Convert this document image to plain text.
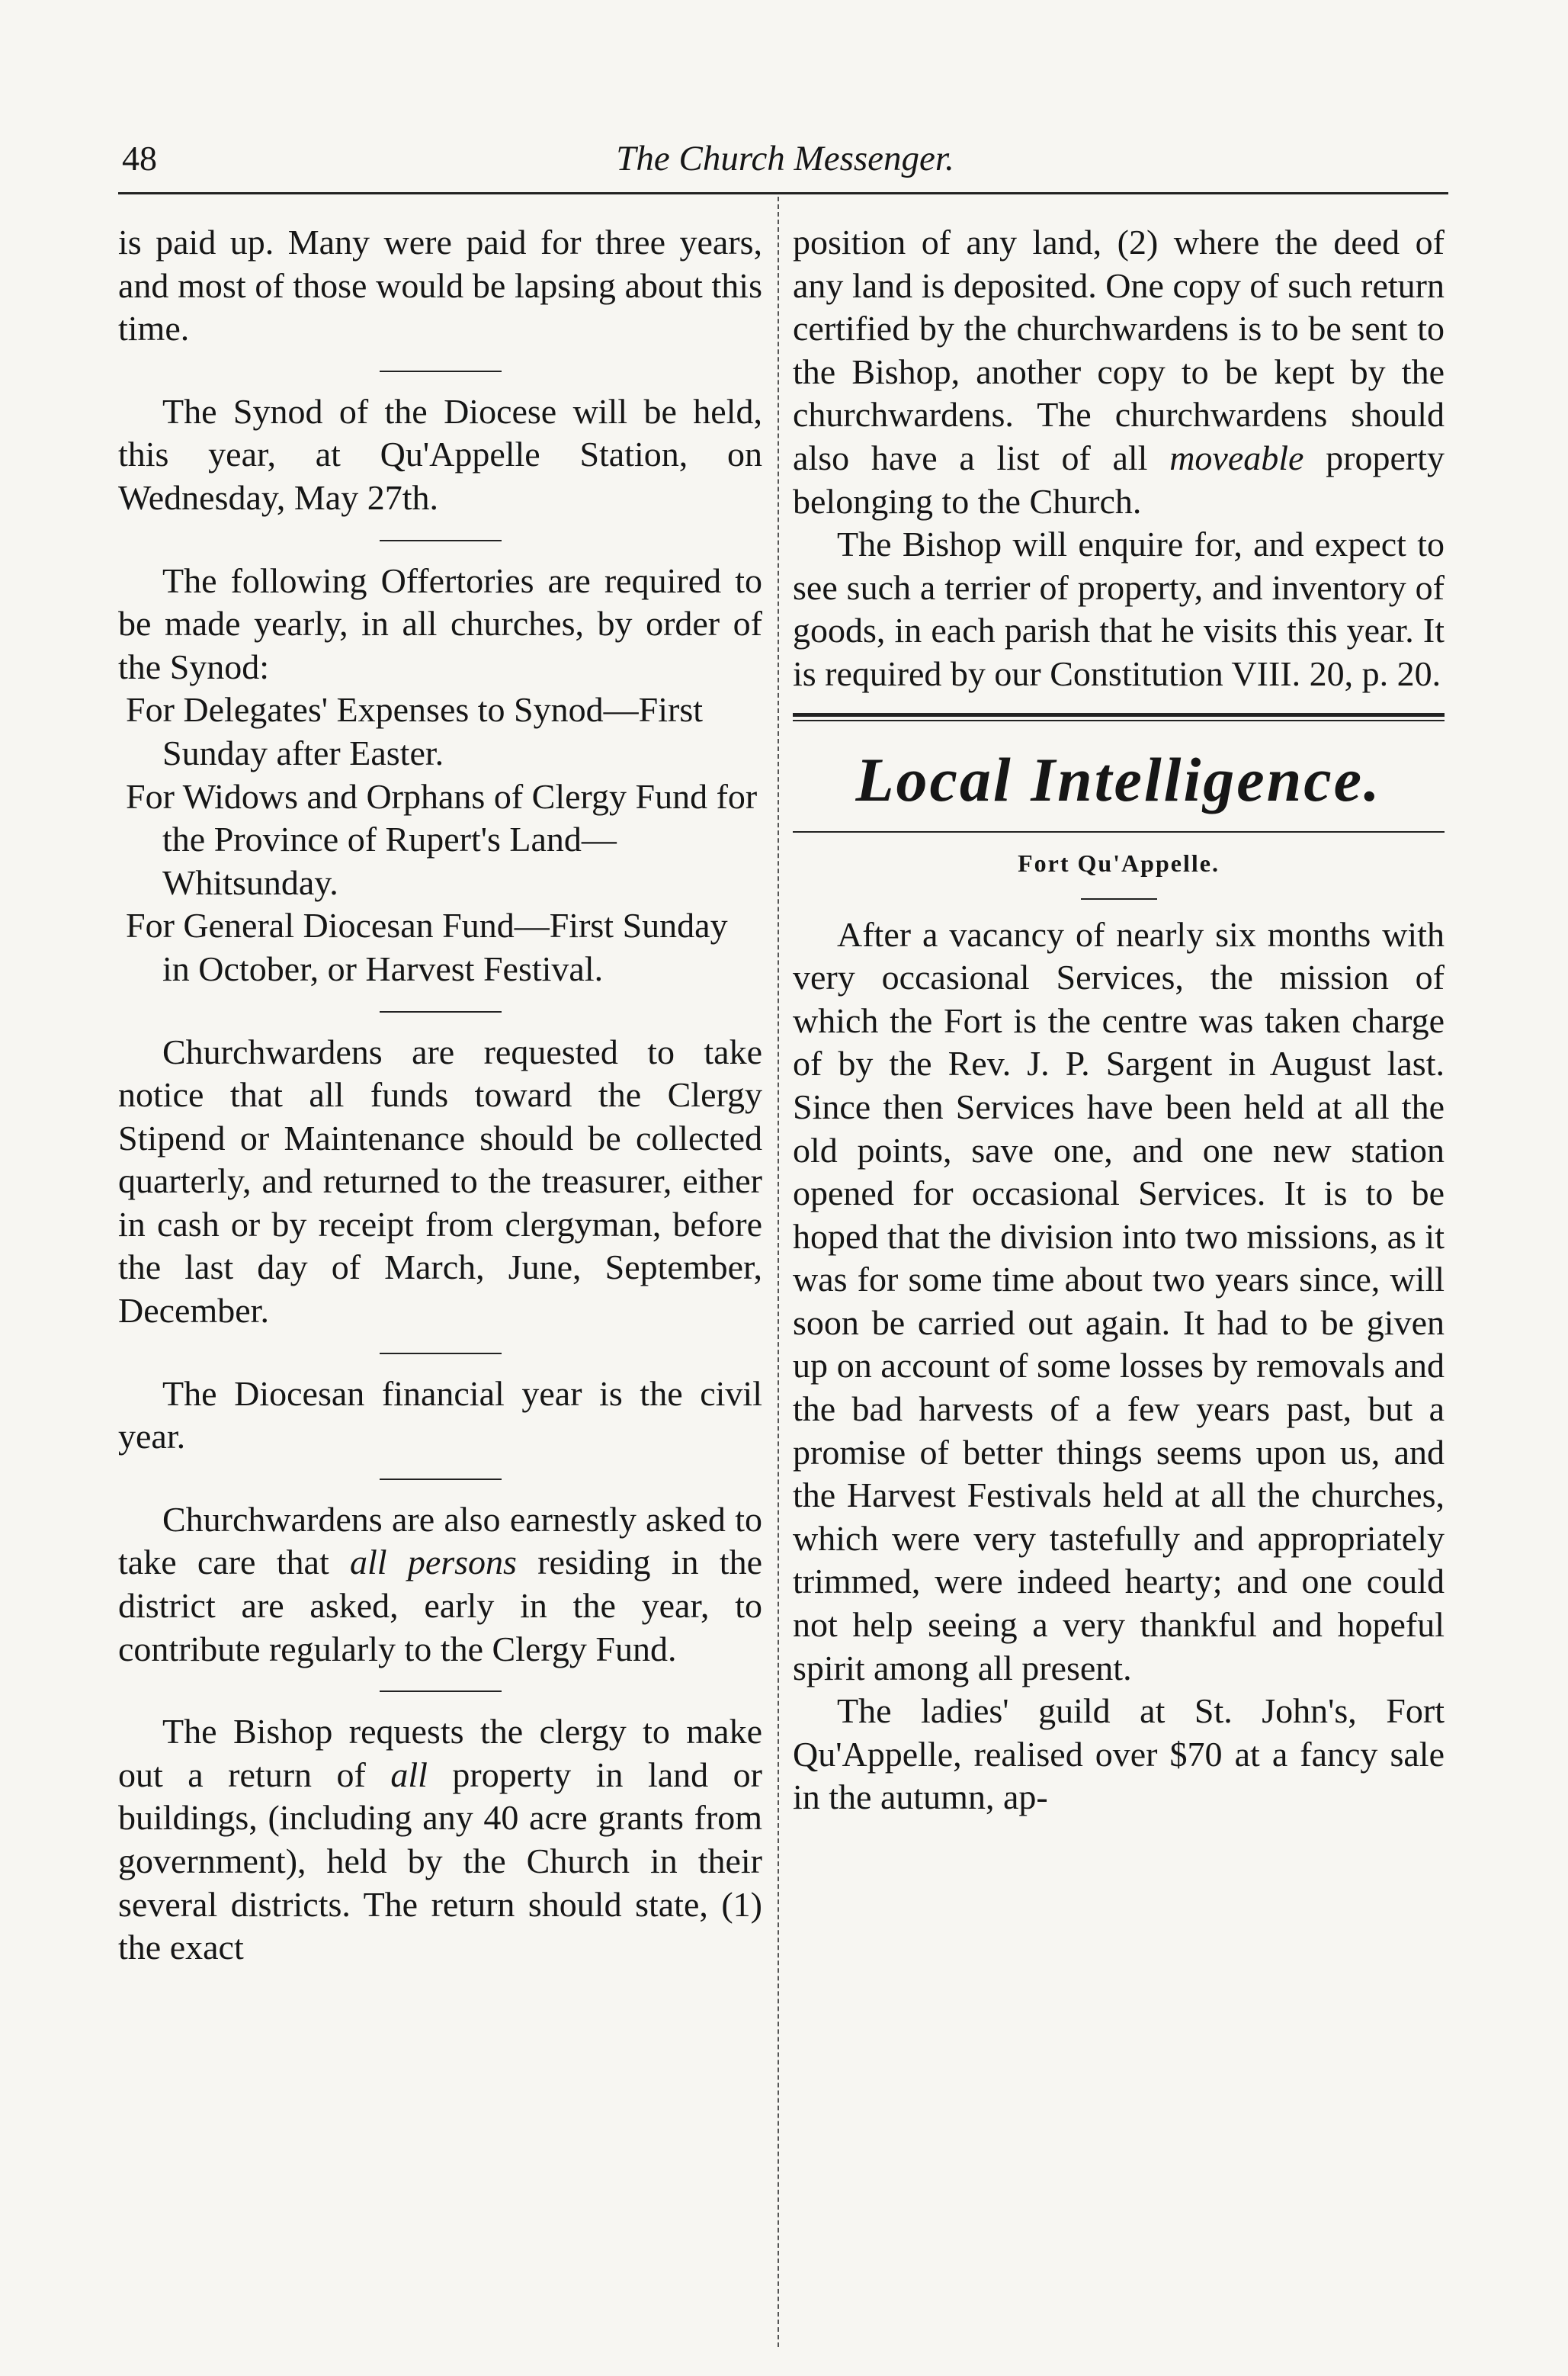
48	The Church Messenger.

is paid up. Many were paid for three years, and most of those would be lapsing about this time.

The Synod of the Diocese will be held, this year, at Qu'Appelle Station, on Wednesday, May 27th.

The following Offertories are required to be made yearly, in all churches, by order of the Synod:

For Delegates' Expenses to Synod—First Sunday after Easter.

For Widows and Orphans of Clergy Fund for the Province of Rupert's Land—Whitsunday.

For General Diocesan Fund—First Sunday in October, or Harvest Festival.

Churchwardens are requested to take notice that all funds toward the Clergy Stipend or Maintenance should be collected quarterly, and returned to the treasurer, either in cash or by receipt from clergyman, before the last day of March, June, September, December.

The Diocesan financial year is the civil year.

Churchwardens are also earnestly asked to take care that all persons residing in the district are asked, early in the year, to contribute regularly to the Clergy Fund.

The Bishop requests the clergy to make out a return of all property in land or buildings, (including any 40 acre grants from government), held by the Church in their several districts. The return should state, (1) the exact

position of any land, (2) where the deed of any land is deposited. One copy of such return certified by the churchwardens is to be sent to the Bishop, another copy to be kept by the churchwardens. The churchwardens should also have a list of all moveable property belonging to the Church.

The Bishop will enquire for, and expect to see such a terrier of property, and inventory of goods, in each parish that he visits this year. It is required by our Constitution VIII. 20, p. 20.

Local Intelligence.
Fort Qu'Appelle.

After a vacancy of nearly six months with very occasional Services, the mission of which the Fort is the centre was taken charge of by the Rev. J. P. Sargent in August last. Since then Services have been held at all the old points, save one, and one new station opened for occasional Services. It is to be hoped that the division into two missions, as it was for some time about two years since, will soon be carried out again. It had to be given up on account of some losses by removals and the bad harvests of a few years past, but a promise of better things seems upon us, and the Harvest Festivals held at all the churches, which were very tastefully and appropriately trimmed, were indeed hearty; and one could not help seeing a very thankful and hopeful spirit among all present.

The ladies' guild at St. John's, Fort Qu'Appelle, realised over $70 at a fancy sale in the autumn, ap-
